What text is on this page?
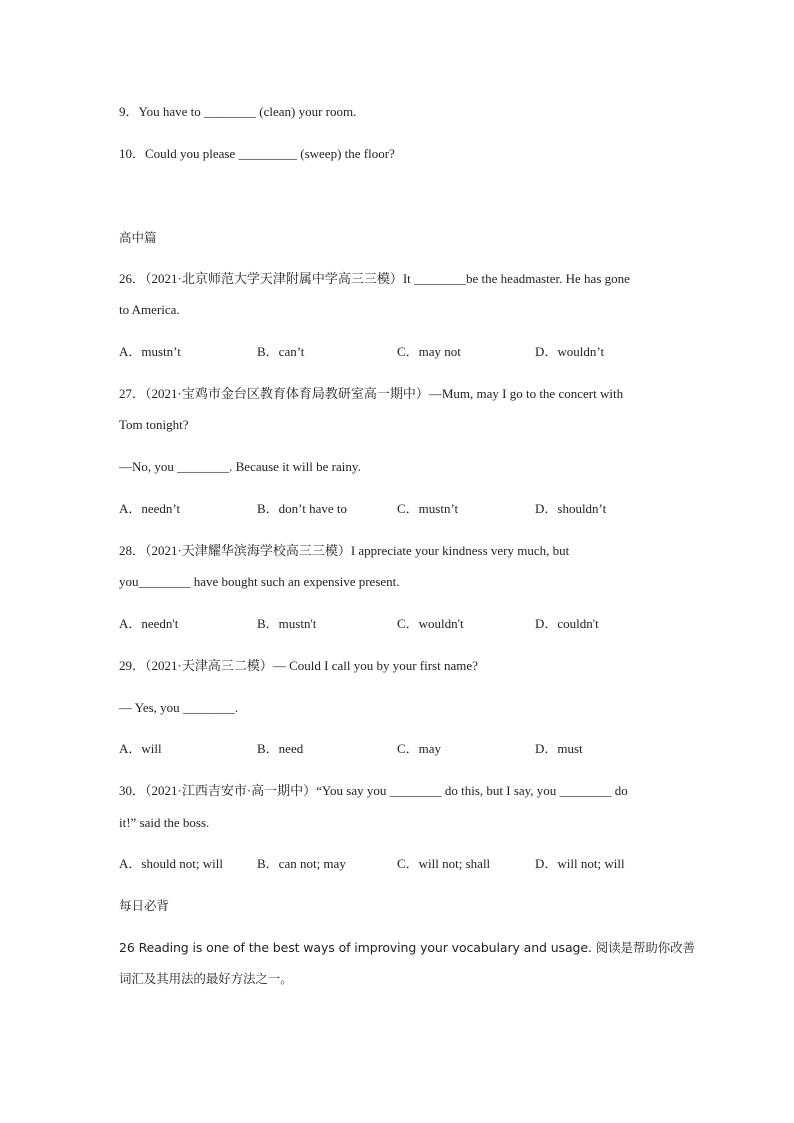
9．You have to ________ (clean) your room.
10．Could you please _________ (sweep) the floor?
高中篇
26．（2021·北京师范大学天津附属中学高三三模）It ________be the headmaster. He has gone
to America.
A．mustn’t	B．can’t	C．may not	D．wouldn’t
27．（2021·宝鸡市金台区教育体育局教研室高一期中）—Mum, may I go to the concert with
Tom tonight?
—No, you ________. Because it will be rainy.
A．needn’t	B．don’t have to	C．mustn’t	D．shouldn’t
28．（2021·天津耀华滨海学校高三三模）I appreciate your kindness very much, but
you________ have bought such an expensive present.
A．needn't	B．mustn't	C．wouldn't	D．couldn't
29．（2021·天津高三二模）— Could I call you by your first name?
— Yes, you ________.
A．will	B．need	C．may	D．must
30．（2021·江西吉安市·高一期中）“You say you ________ do this, but I say, you ________ do
it!” said the boss.
A．should not; will	B．can not; may	C．will not; shall	D．will not; will
每日必背
26 Reading is one of the best ways of improving your vocabulary and usage. 阅读是帮助你改善
词汇及其用法的最好方法之一。
